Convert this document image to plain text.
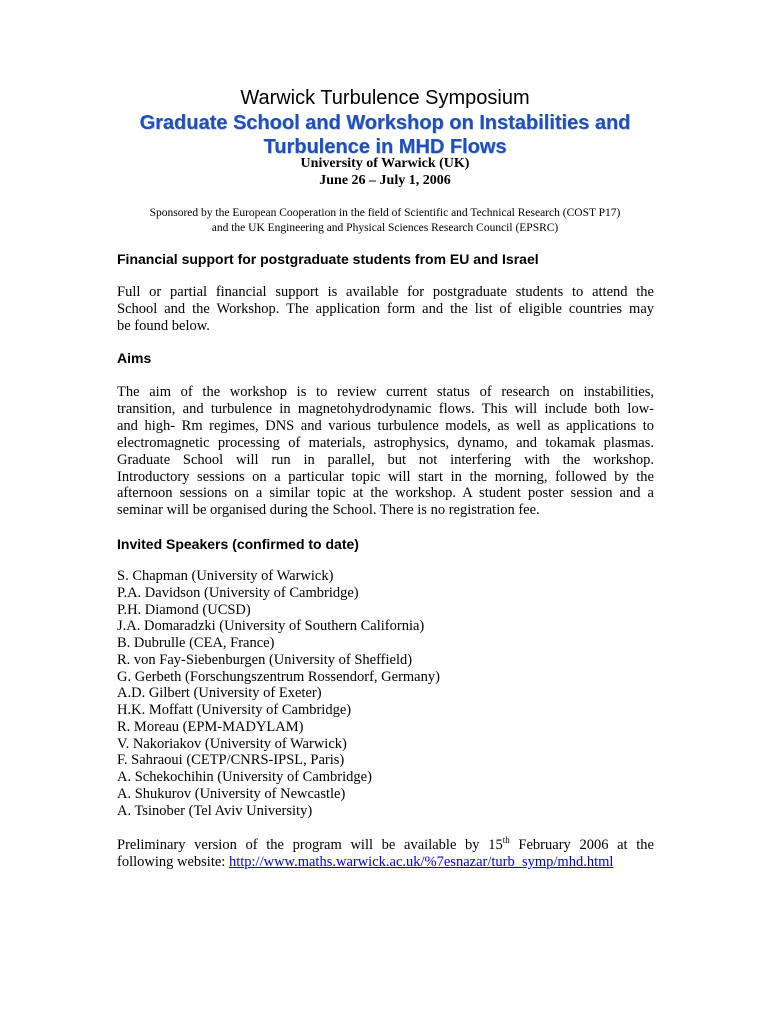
Warwick Turbulence Symposium
Graduate School and Workshop on Instabilities and
Turbulence in MHD Flows
University of Warwick (UK)
June 26 – July 1, 2006
Sponsored by the European Cooperation in the field of Scientific and Technical Research (COST P17)
and the UK Engineering and Physical Sciences Research Council (EPSRC)
Financial support for postgraduate students from EU and Israel
Full or partial financial support is available for postgraduate students to attend the
School and the Workshop. The application form and the list of eligible countries may
be found below.
Aims
The aim of the workshop is to review current status of research on instabilities,
transition, and turbulence in magnetohydrodynamic flows. This will include both low-
and high- Rm regimes, DNS and various turbulence models, as well as applications to
electromagnetic processing of materials, astrophysics, dynamo, and tokamak plasmas.
Graduate School will run in parallel, but not interfering with the workshop.
Introductory sessions on a particular topic will start in the morning, followed by the
afternoon sessions on a similar topic at the workshop. A student poster session and a
seminar will be organised during the School. There is no registration fee.
Invited Speakers (confirmed to date)
S. Chapman (University of Warwick)
P.A. Davidson (University of Cambridge)
P.H. Diamond (UCSD)
J.A. Domaradzki (University of Southern California)
B. Dubrulle (CEA, France)
R. von Fay-Siebenburgen (University of Sheffield)
G. Gerbeth (Forschungszentrum Rossendorf, Germany)
A.D. Gilbert (University of Exeter)
H.K. Moffatt (University of Cambridge)
R. Moreau (EPM-MADYLAM)
V. Nakoriakov (University of Warwick)
F. Sahraoui (CETP/CNRS-IPSL, Paris)
A. Schekochihin (University of Cambridge)
A. Shukurov (University of Newcastle)
A. Tsinober (Tel Aviv University)
Preliminary version of the program will be available by 15th February 2006 at the
following website: http://www.maths.warwick.ac.uk/%7esnazar/turb_symp/mhd.html
